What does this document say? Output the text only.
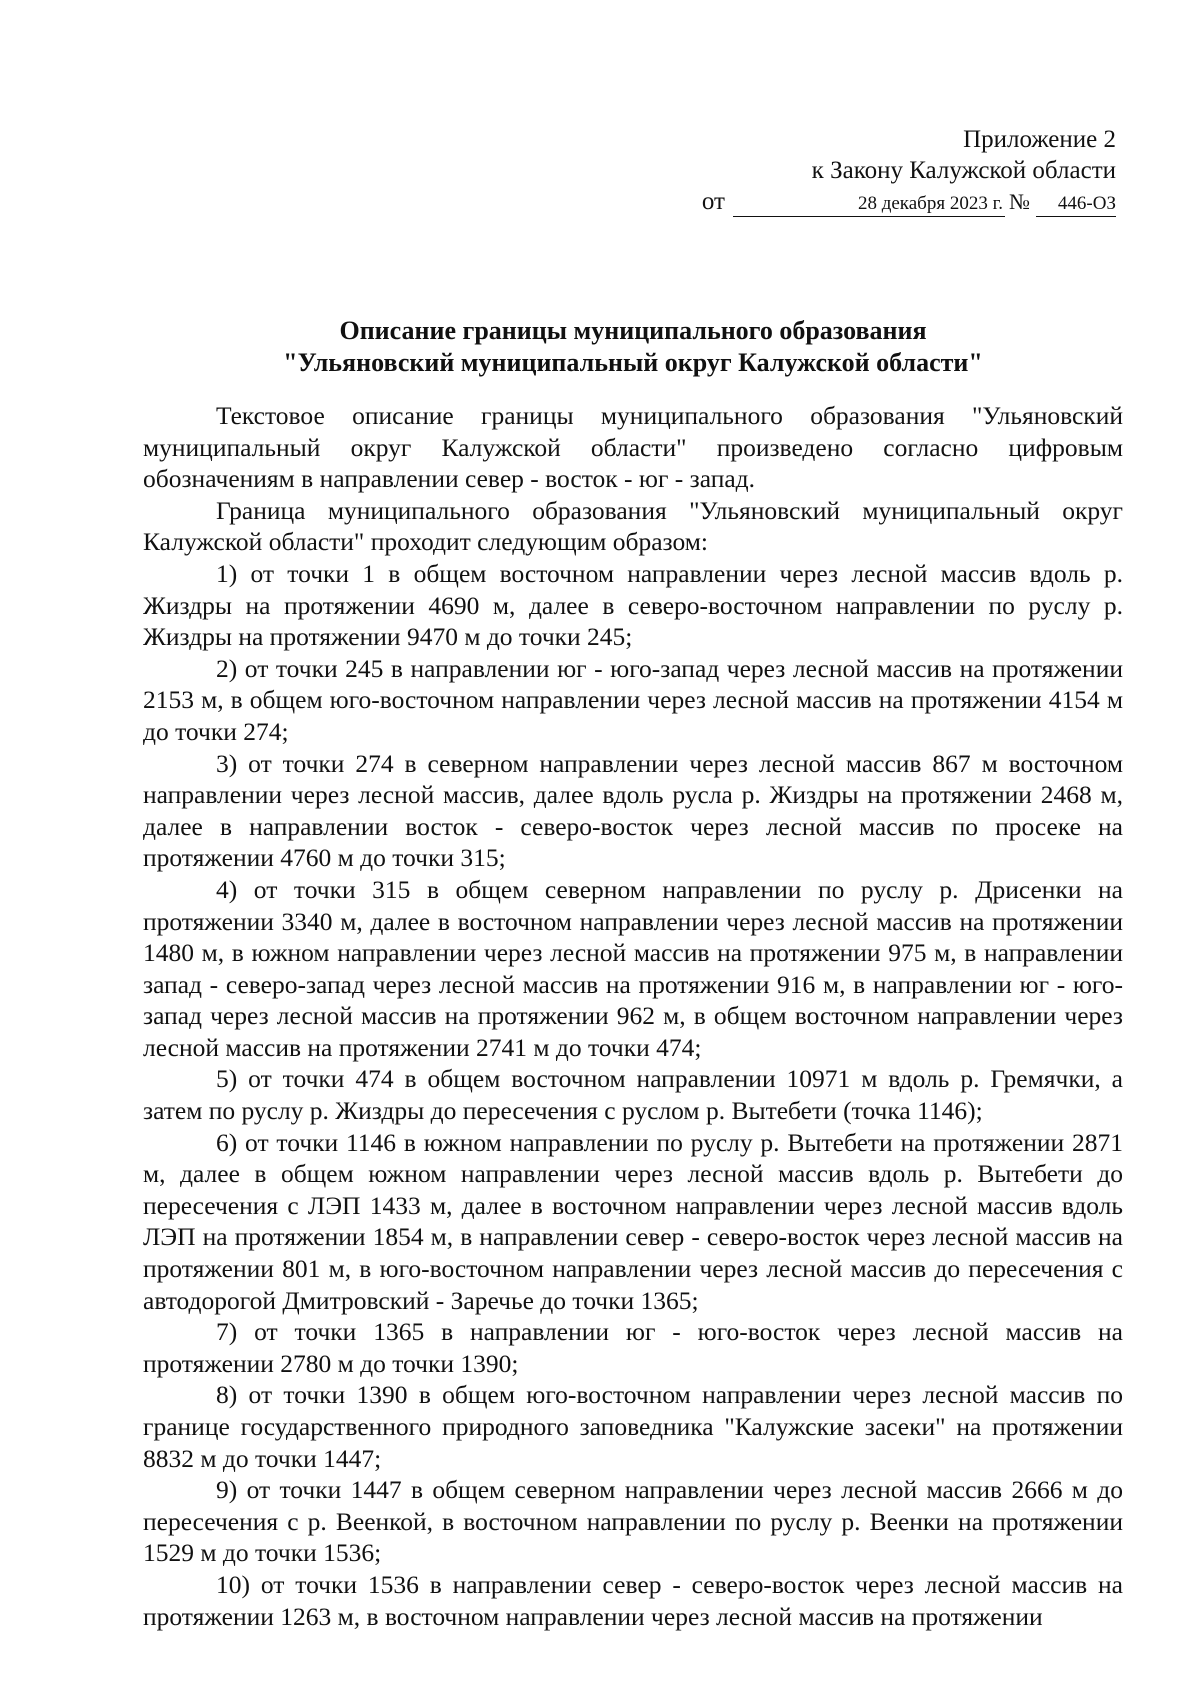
Приложение 2
к Закону Калужской области
от	28 декабря 2023 г. №	446-ОЗ
Описание границы муниципального образования
"Ульяновский муниципальный округ Калужской области"

Текстовое описание границы муниципального образования "Ульяновский муниципальный округ Калужской области" произведено согласно цифровым обозначениям в направлении север - восток - юг - запад.

Граница муниципального образования "Ульяновский муниципальный округ Калужской области" проходит следующим образом:

1) от точки 1 в общем восточном направлении через лесной массив вдоль р. Жиздры на протяжении 4690 м, далее в северо-восточном направлении по руслу р. Жиздры на протяжении 9470 м до точки 245;

2) от точки 245 в направлении юг - юго-запад через лесной массив на протяжении 2153 м, в общем юго-восточном направлении через лесной массив на протяжении 4154 м до точки 274;

3) от точки 274 в северном направлении через лесной массив 867 м восточном направлении через лесной массив, далее вдоль русла р. Жиздры на протяжении 2468 м, далее в направлении восток - северо-восток через лесной массив по просеке на протяжении 4760 м до точки 315;

4) от точки 315 в общем северном направлении по руслу р. Дрисенки на протяжении 3340 м, далее в восточном направлении через лесной массив на протяжении 1480 м, в южном направлении через лесной массив на протяжении 975 м, в направлении запад - северо-запад через лесной массив на протяжении 916 м, в направлении юг - юго-запад через лесной массив на протяжении 962 м, в общем восточном направлении через лесной массив на протяжении 2741 м до точки 474;

5) от точки 474 в общем восточном направлении 10971 м вдоль р. Гремячки, а затем по руслу р. Жиздры до пересечения с руслом р. Вытебети (точка 1146);

6) от точки 1146 в южном направлении по руслу р. Вытебети на протяжении 2871 м, далее в общем южном направлении через лесной массив вдоль р. Вытебети до пересечения с ЛЭП 1433 м, далее в восточном направлении через лесной массив вдоль ЛЭП на протяжении 1854 м, в направлении север - северо-восток через лесной массив на протяжении 801 м, в юго-восточном направлении через лесной массив до пересечения с автодорогой Дмитровский - Заречье до точки 1365;

7) от точки 1365 в направлении юг - юго-восток через лесной массив на протяжении 2780 м до точки 1390;

8) от точки 1390 в общем юго-восточном направлении через лесной массив по границе государственного природного заповедника "Калужские засеки" на протяжении 8832 м до точки 1447;

9) от точки 1447 в общем северном направлении через лесной массив 2666 м до пересечения с р. Веенкой, в восточном направлении по руслу р. Веенки на протяжении 1529 м до точки 1536;

10) от точки 1536 в направлении север - северо-восток через лесной массив на протяжении 1263 м, в восточном направлении через лесной массив на протяжении
